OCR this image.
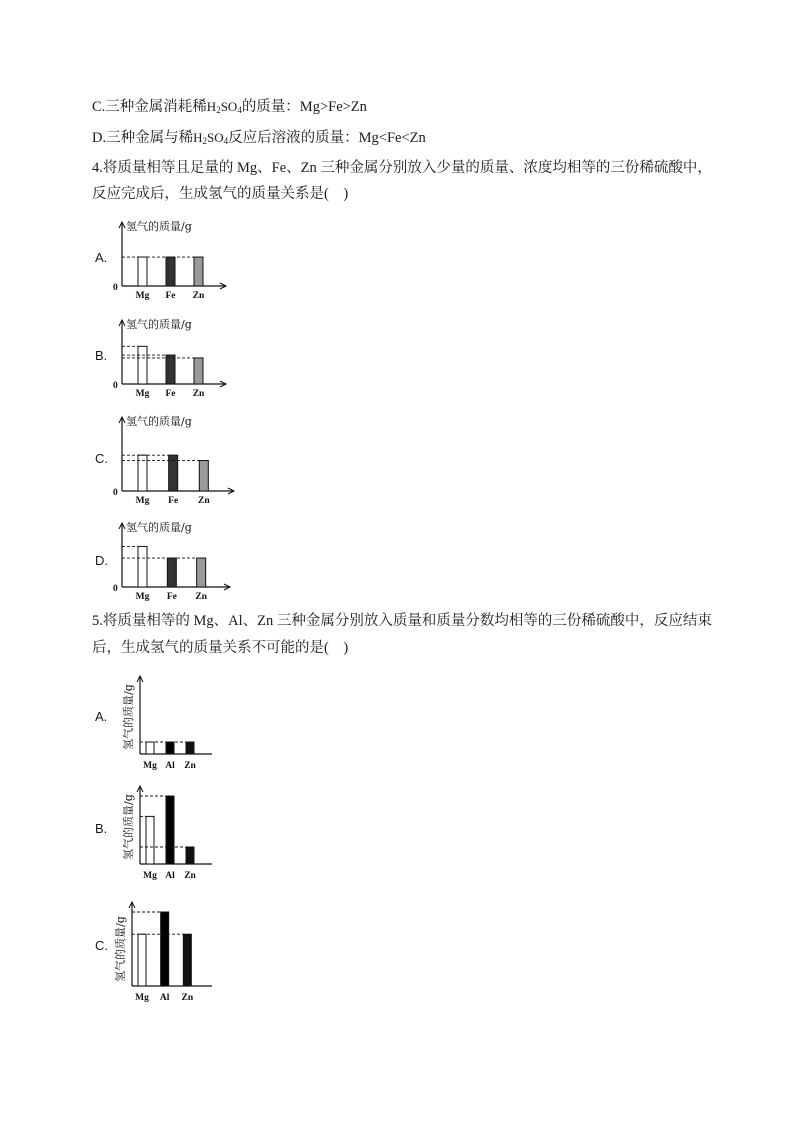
C.三种金属消耗稀$H_2SO_4$的质量：Mg>Fe>Zn
D.三种金属与稀$H_2SO_4$反应后溶液的质量：Mg<Fe<Zn
4.将质量相等且足量的 Mg、Fe、Zn 三种金属分别放入少量的质量、浓度均相等的三份稀硫酸中，
反应完成后，生成氢气的质量关系是(　)
5.将质量相等的 Mg、Al、Zn 三种金属分别放入质量和质量分数均相等的三份稀硫酸中，反应结束
后，生成氢气的质量关系不可能的是(　)
A.
B.
C.
D.
A.
B.
C.
氢气的质量/g
0
Mg Fe Zn
氢气的质量/g
0
Mg Fe Zn
氢气的质量/g
0
Mg Fe Zn
氢气的质量/g
0
Mg Fe Zn
氢气的质量/g
Mg Al Zn
氢气的质量/g
Mg Al Zn
氢气的质量/g
Mg Al Zn
